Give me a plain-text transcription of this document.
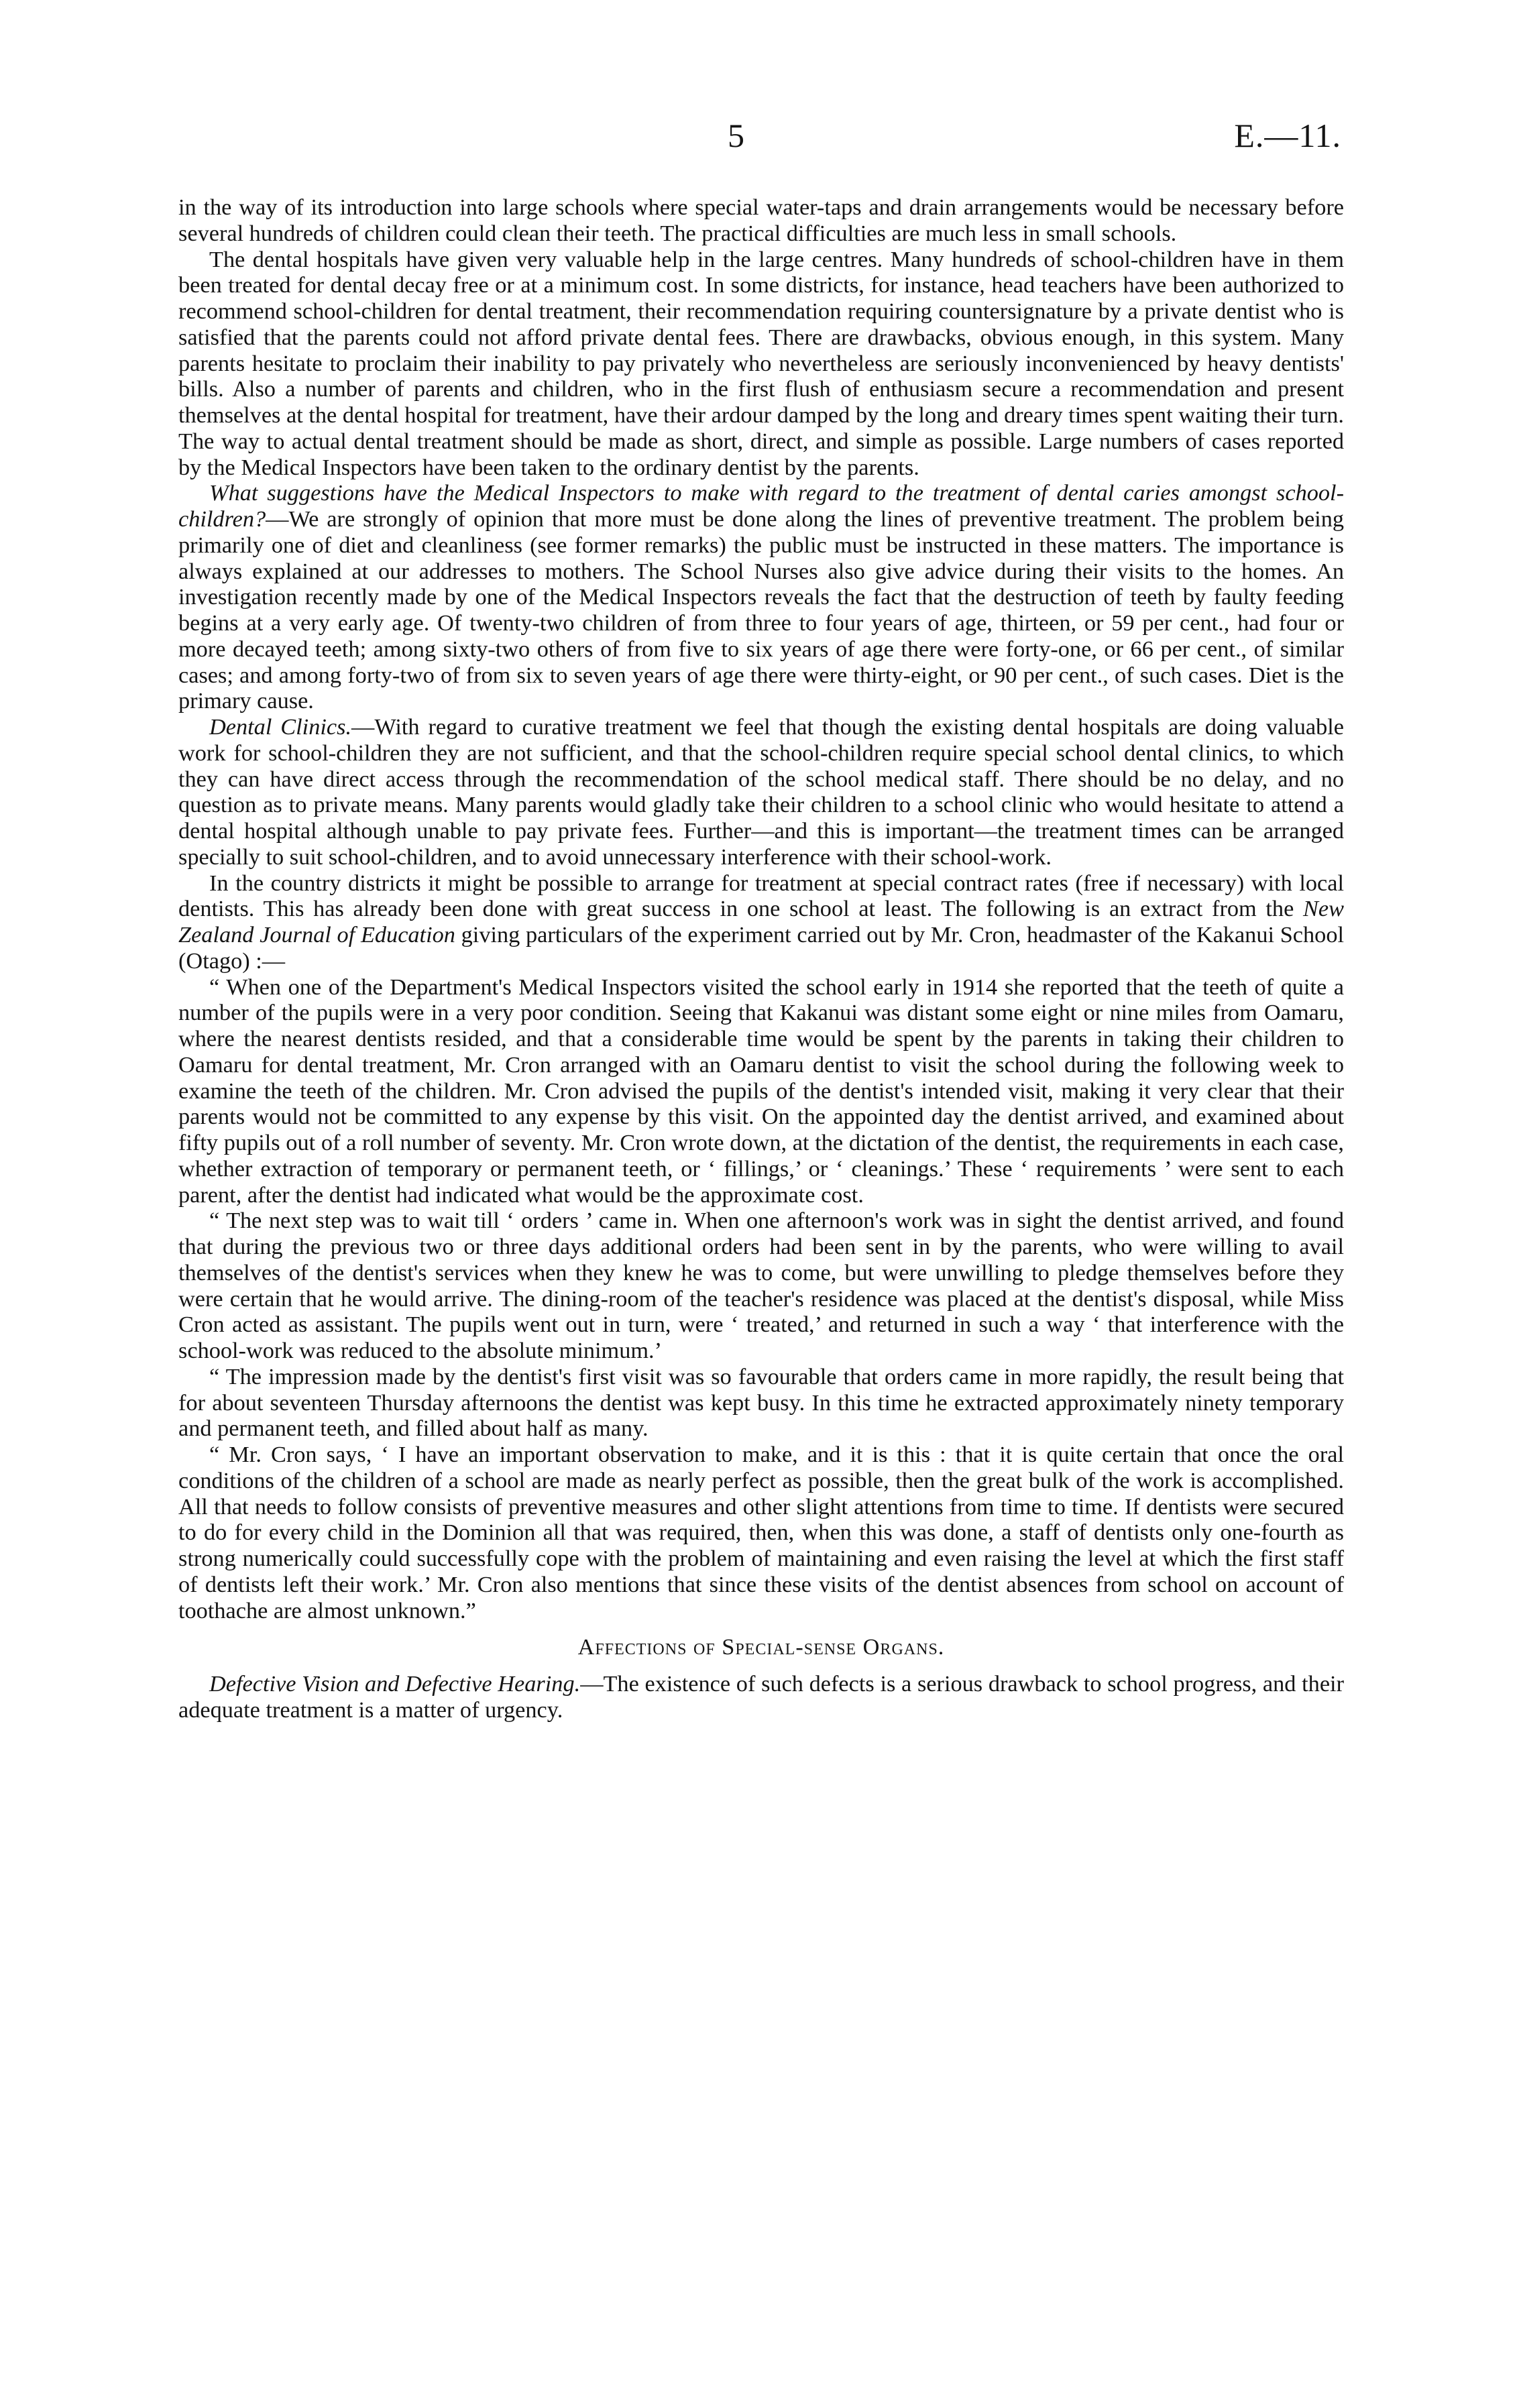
5	E.—11.

in the way of its introduction into large schools where special water-taps and drain arrangements would be necessary before several hundreds of children could clean their teeth. The practical difficulties are much less in small schools.

The dental hospitals have given very valuable help in the large centres. Many hundreds of school-children have in them been treated for dental decay free or at a minimum cost. In some districts, for instance, head teachers have been authorized to recommend school-children for dental treatment, their recommendation requiring countersignature by a private dentist who is satisfied that the parents could not afford private dental fees. There are drawbacks, obvious enough, in this system. Many parents hesitate to proclaim their inability to pay privately who nevertheless are seriously inconvenienced by heavy dentists' bills. Also a number of parents and children, who in the first flush of enthusiasm secure a recommendation and present themselves at the dental hospital for treatment, have their ardour damped by the long and dreary times spent waiting their turn. The way to actual dental treatment should be made as short, direct, and simple as possible. Large numbers of cases reported by the Medical Inspectors have been taken to the ordinary dentist by the parents.

What suggestions have the Medical Inspectors to make with regard to the treatment of dental caries amongst school-children?—We are strongly of opinion that more must be done along the lines of preventive treatment. The problem being primarily one of diet and cleanliness (see former remarks) the public must be instructed in these matters. The importance is always explained at our addresses to mothers. The School Nurses also give advice during their visits to the homes. An investigation recently made by one of the Medical Inspectors reveals the fact that the destruction of teeth by faulty feeding begins at a very early age. Of twenty-two children of from three to four years of age, thirteen, or 59 per cent., had four or more decayed teeth; among sixty-two others of from five to six years of age there were forty-one, or 66 per cent., of similar cases; and among forty-two of from six to seven years of age there were thirty-eight, or 90 per cent., of such cases. Diet is the primary cause.

Dental Clinics.—With regard to curative treatment we feel that though the existing dental hospitals are doing valuable work for school-children they are not sufficient, and that the school-children require special school dental clinics, to which they can have direct access through the recommendation of the school medical staff. There should be no delay, and no question as to private means. Many parents would gladly take their children to a school clinic who would hesitate to attend a dental hospital although unable to pay private fees. Further—and this is important—the treatment times can be arranged specially to suit school-children, and to avoid unnecessary interference with their school-work.

In the country districts it might be possible to arrange for treatment at special contract rates (free if necessary) with local dentists. This has already been done with great success in one school at least. The following is an extract from the New Zealand Journal of Education giving particulars of the experiment carried out by Mr. Cron, headmaster of the Kakanui School (Otago) :—

“ When one of the Department's Medical Inspectors visited the school early in 1914 she reported that the teeth of quite a number of the pupils were in a very poor condition. Seeing that Kakanui was distant some eight or nine miles from Oamaru, where the nearest dentists resided, and that a considerable time would be spent by the parents in taking their children to Oamaru for dental treatment, Mr. Cron arranged with an Oamaru dentist to visit the school during the following week to examine the teeth of the children. Mr. Cron advised the pupils of the dentist's intended visit, making it very clear that their parents would not be committed to any expense by this visit. On the appointed day the dentist arrived, and examined about fifty pupils out of a roll number of seventy. Mr. Cron wrote down, at the dictation of the dentist, the requirements in each case, whether extraction of temporary or permanent teeth, or ‘ fillings,’ or ‘ cleanings.’ These ‘ requirements ’ were sent to each parent, after the dentist had indicated what would be the approximate cost.

“ The next step was to wait till ‘ orders ’ came in. When one afternoon's work was in sight the dentist arrived, and found that during the previous two or three days additional orders had been sent in by the parents, who were willing to avail themselves of the dentist's services when they knew he was to come, but were unwilling to pledge themselves before they were certain that he would arrive. The dining-room of the teacher's residence was placed at the dentist's disposal, while Miss Cron acted as assistant. The pupils went out in turn, were ‘ treated,’ and returned in such a way ‘ that interference with the school-work was reduced to the absolute minimum.’

“ The impression made by the dentist's first visit was so favourable that orders came in more rapidly, the result being that for about seventeen Thursday afternoons the dentist was kept busy. In this time he extracted approximately ninety temporary and permanent teeth, and filled about half as many.

“ Mr. Cron says, ‘ I have an important observation to make, and it is this : that it is quite certain that once the oral conditions of the children of a school are made as nearly perfect as possible, then the great bulk of the work is accomplished. All that needs to follow consists of preventive measures and other slight attentions from time to time. If dentists were secured to do for every child in the Dominion all that was required, then, when this was done, a staff of dentists only one-fourth as strong numerically could successfully cope with the problem of maintaining and even raising the level at which the first staff of dentists left their work.’ Mr. Cron also mentions that since these visits of the dentist absences from school on account of toothache are almost unknown.”

Affections of Special-sense Organs.

Defective Vision and Defective Hearing.—The existence of such defects is a serious drawback to school progress, and their adequate treatment is a matter of urgency.
